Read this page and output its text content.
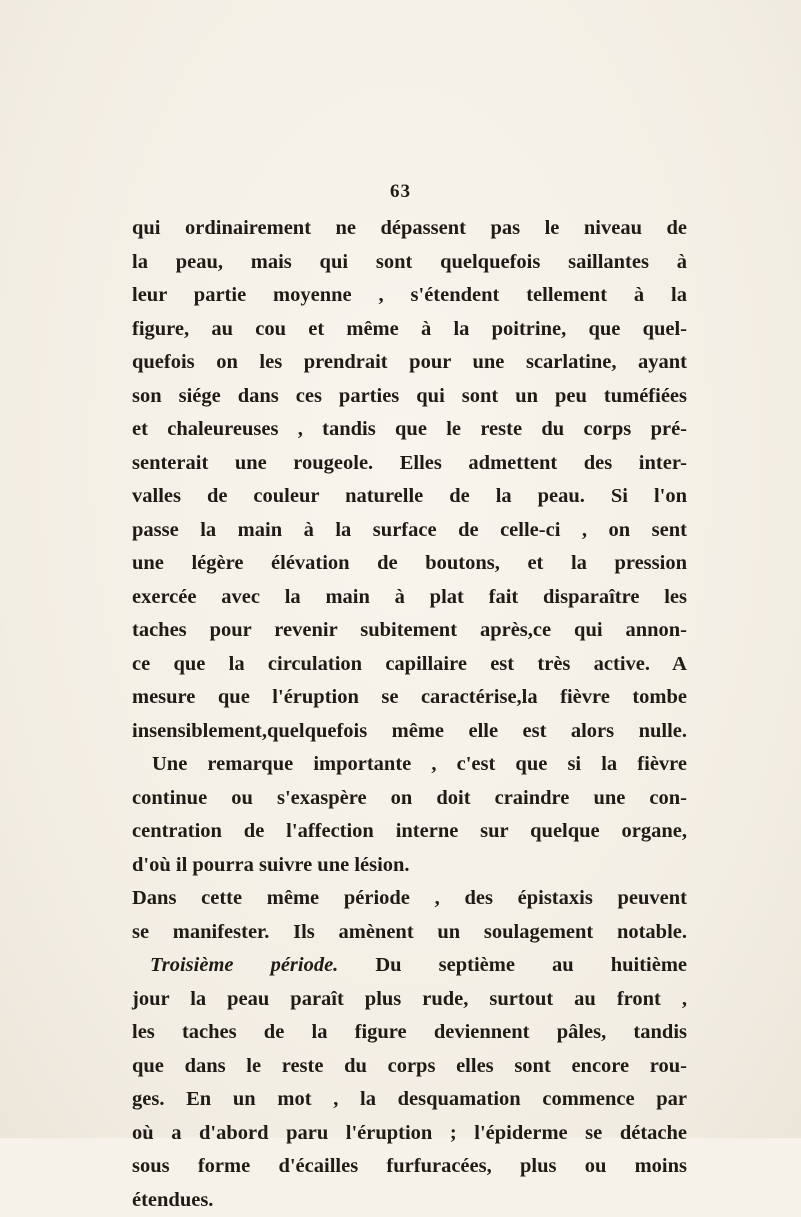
63
qui ordinairement ne dépassent pas le niveau de
la peau, mais qui sont quelquefois saillantes à
leur partie moyenne , s'étendent tellement à la
figure, au cou et même à la poitrine, que quel-
quefois on les prendrait pour une scarlatine, ayant
son siége dans ces parties qui sont un peu tuméfiées
et chaleureuses , tandis que le reste du corps pré-
senterait une rougeole. Elles admettent des inter-
valles de couleur naturelle de la peau. Si l'on
passe la main à la surface de celle-ci , on sent
une légère élévation de boutons, et la pression
exercée avec la main à plat fait disparaître les
taches pour revenir subitement après,ce qui annon-
ce que la circulation capillaire est très active. A
mesure que l'éruption se caractérise,la fièvre tombe
insensiblement,quelquefois même elle est alors nulle.
Une remarque importante , c'est que si la fièvre
continue ou s'exaspère on doit craindre une con-
centration de l'affection interne sur quelque organe,
d'où il pourra suivre une lésion.
Dans cette même période , des épistaxis peuvent
se manifester. Ils amènent un soulagement notable.
Troisième période. Du septième au huitième
jour la peau paraît plus rude, surtout au front ,
les taches de la figure deviennent pâles, tandis
que dans le reste du corps elles sont encore rou-
ges. En un mot , la desquamation commence par
où a d'abord paru l'éruption ; l'épiderme se détache
sous forme d'écailles furfuracées, plus ou moins
étendues.
